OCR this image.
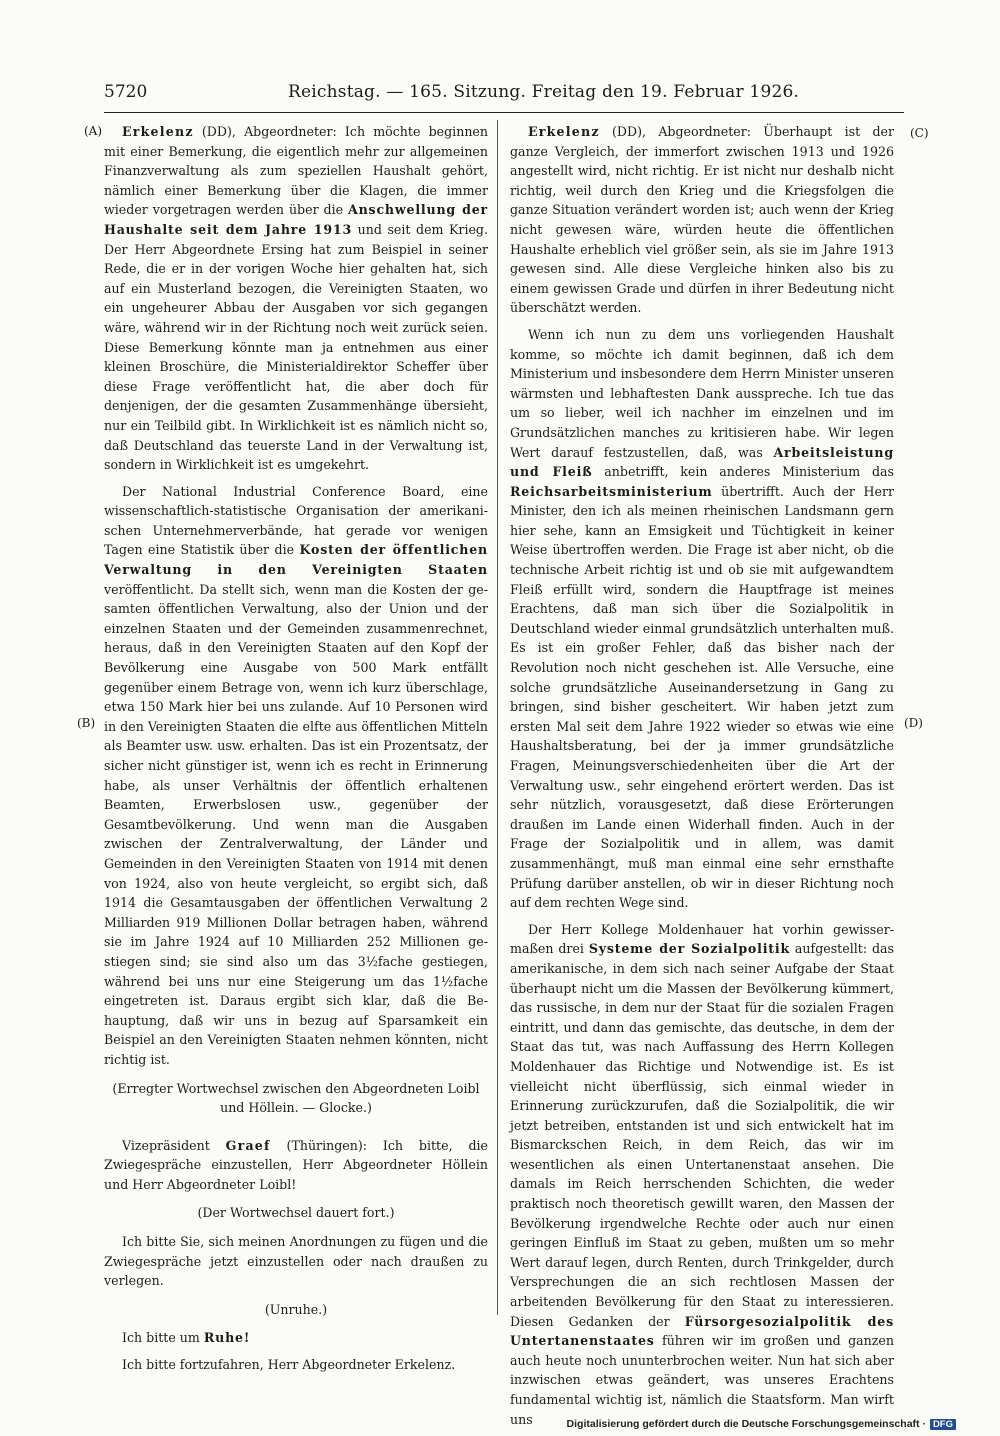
5720	Reichstag. — 165. Sitzung. Freitag den 19. Februar 1926.
(A)
(B)
(C)
(D)

Erkelenz (DD), Abgeordneter: Ich möchte beginnen mit einer Bemerkung, die eigentlich mehr zur allgemeinen Finanzverwaltung als zum speziellen Haushalt gehört, nämlich einer Bemerkung über die Klagen, die immer wieder vorgetragen werden über die Anschwellung der Haushalte seit dem Jahre 1913 und seit dem Krieg. Der Herr Abgeordnete Ersing hat zum Beispiel in seiner Rede, die er in der vorigen Woche hier gehalten hat, sich auf ein Musterland bezogen, die Vereinigten Staaten, wo ein ungeheurer Abbau der Ausgaben vor sich gegangen wäre, während wir in der Richtung noch weit zurück seien. Diese Bemerkung könnte man ja entnehmen aus einer kleinen Broschüre, die Ministerialdirektor Scheffer über diese Frage veröffentlicht hat, die aber doch für denjenigen, der die gesamten Zusammenhänge übersieht, nur ein Teilbild gibt. In Wirklichkeit ist es nämlich nicht so, daß Deutschland das teuerste Land in der Verwaltung ist, sondern in Wirklichkeit ist es umgekehrt.

Der National Industrial Conference Board, eine wissenschaftlich-statistische Organisation der amerikanischen Unternehmerverbände, hat gerade vor wenigen Tagen eine Statistik über die Kosten der öffentlichen Verwaltung in den Vereinigten Staaten veröffentlicht. Da stellt sich, wenn man die Kosten der gesamten öffentlichen Verwaltung, also der Union und der einzelnen Staaten und der Gemeinden zusammenrechnet, heraus, daß in den Vereinigten Staaten auf den Kopf der Bevölkerung eine Ausgabe von 500 Mark entfällt gegenüber einem Betrage von, wenn ich kurz überschlage, etwa 150 Mark hier bei uns zulande. Auf 10 Personen wird in den Vereinigten Staaten die elfte aus öffentlichen Mitteln als Beamter usw. usw. erhalten. Das ist ein Prozentsatz, der sicher nicht günstiger ist, wenn ich es recht in Erinnerung habe, als unser Verhältnis der öffentlich erhaltenen Beamten, Erwerbslosen usw., gegenüber der Gesamtbevölkerung. Und wenn man die Ausgaben zwischen der Zentralverwaltung, der Länder und Gemeinden in den Vereinigten Staaten von 1914 mit denen von 1924, also von heute vergleicht, so ergibt sich, daß 1914 die Gesamtausgaben der öffentlichen Verwaltung 2 Milliarden 919 Millionen Dollar betragen haben, während sie im Jahre 1924 auf 10 Milliarden 252 Millionen gestiegen sind; sie sind also um das 3½fache gestiegen, während bei uns nur eine Steigerung um das 1½fache eingetreten ist. Daraus ergibt sich klar, daß die Behauptung, daß wir uns in bezug auf Sparsamkeit ein Beispiel an den Vereinigten Staaten nehmen könnten, nicht richtig ist.

(Erregter Wortwechsel zwischen den Abgeordneten Loibl und Höllein. — Glocke.)

Vizepräsident Graef (Thüringen): Ich bitte, die Zwiegespräche einzustellen, Herr Abgeordneter Höllein und Herr Abgeordneter Loibl!

(Der Wortwechsel dauert fort.)

Ich bitte Sie, sich meinen Anordnungen zu fügen und die Zwiegespräche jetzt einzustellen oder nach draußen zu verlegen.

(Unruhe.)

Ich bitte um Ruhe!

Ich bitte fortzufahren, Herr Abgeordneter Erkelenz.

Erkelenz (DD), Abgeordneter: Überhaupt ist der ganze Vergleich, der immerfort zwischen 1913 und 1926 angestellt wird, nicht richtig. Er ist nicht nur deshalb nicht richtig, weil durch den Krieg und die Kriegsfolgen die ganze Situation verändert worden ist; auch wenn der Krieg nicht gewesen wäre, würden heute die öffentlichen Haushalte erheblich viel größer sein, als sie im Jahre 1913 gewesen sind. Alle diese Vergleiche hinken also bis zu einem gewissen Grade und dürfen in ihrer Bedeutung nicht überschätzt werden.

Wenn ich nun zu dem uns vorliegenden Haushalt komme, so möchte ich damit beginnen, daß ich dem Ministerium und insbesondere dem Herrn Minister unseren wärmsten und lebhaftesten Dank ausspreche. Ich tue das um so lieber, weil ich nachher im einzelnen und im Grundsätzlichen manches zu kritisieren habe. Wir legen Wert darauf festzustellen, daß, was Arbeitsleistung und Fleiß anbetrifft, kein anderes Ministerium das Reichsarbeitsministerium übertrifft. Auch der Herr Minister, den ich als meinen rheinischen Landsmann gern hier sehe, kann an Emsigkeit und Tüchtigkeit in keiner Weise übertroffen werden. Die Frage ist aber nicht, ob die technische Arbeit richtig ist und ob sie mit aufgewandtem Fleiß erfüllt wird, sondern die Hauptfrage ist meines Erachtens, daß man sich über die Sozialpolitik in Deutschland wieder einmal grundsätzlich unterhalten muß. Es ist ein großer Fehler, daß das bisher nach der Revolution noch nicht geschehen ist. Alle Versuche, eine solche grundsätzliche Auseinandersetzung in Gang zu bringen, sind bisher gescheitert. Wir haben jetzt zum ersten Mal seit dem Jahre 1922 wieder so etwas wie eine Haushaltsberatung, bei der ja immer grundsätzliche Fragen, Meinungsverschiedenheiten über die Art der Verwaltung usw., sehr eingehend erörtert werden. Das ist sehr nützlich, vorausgesetzt, daß diese Erörterungen draußen im Lande einen Widerhall finden. Auch in der Frage der Sozialpolitik und in allem, was damit zusammenhängt, muß man einmal eine sehr ernsthafte Prüfung darüber anstellen, ob wir in dieser Richtung noch auf dem rechten Wege sind.

Der Herr Kollege Moldenhauer hat vorhin gewissermaßen drei Systeme der Sozialpolitik aufgestellt: das amerikanische, in dem sich nach seiner Aufgabe der Staat überhaupt nicht um die Massen der Bevölkerung kümmert, das russische, in dem nur der Staat für die sozialen Fragen eintritt, und dann das gemischte, das deutsche, in dem der Staat das tut, was nach Auffassung des Herrn Kollegen Moldenhauer das Richtige und Notwendige ist. Es ist vielleicht nicht überflüssig, sich einmal wieder in Erinnerung zurückzurufen, daß die Sozialpolitik, die wir jetzt betreiben, entstanden ist und sich entwickelt hat im Bismarckschen Reich, in dem Reich, das wir im wesentlichen als einen Untertanenstaat ansehen. Die damals im Reich herrschenden Schichten, die weder praktisch noch theoretisch gewillt waren, den Massen der Bevölkerung irgendwelche Rechte oder auch nur einen geringen Einfluß im Staat zu geben, mußten um so mehr Wert darauf legen, durch Renten, durch Trinkgelder, durch Versprechungen die an sich rechtlosen Massen der arbeitenden Bevölkerung für den Staat zu interessieren. Diesen Gedanken der Fürsorgesozialpolitik des Untertanenstaates führen wir im großen und ganzen auch heute noch ununterbrochen weiter. Nun hat sich aber inzwischen etwas geändert, was unseres Erachtens fundamental wichtig ist, nämlich die Staatsform. Man wirft uns	Digitalisierung gefördert durch die Deutsche Forschungsgemeinschaft · DFG
